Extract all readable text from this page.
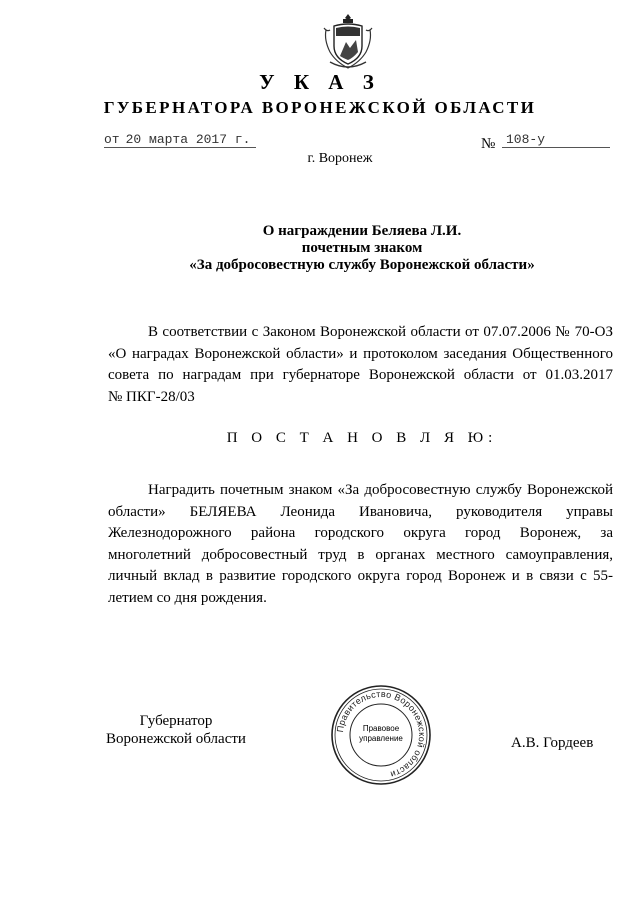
У К А З
ГУБЕРНАТОРА ВОРОНЕЖСКОЙ ОБЛАСТИ
от 20 марта 2017 г.	№ 108-у
г. Воронеж
О награждении Беляева Л.И.
почетным знаком
«За добросовестную службу Воронежской области»
В соответствии с Законом Воронежской области от 07.07.2006 № 70-ОЗ
«О наградах Воронежской области» и протоколом заседания Общественного
совета по наградам при губернаторе Воронежской области от 01.03.2017
№ ПКГ-28/03
П О С Т А Н О В Л Я Ю:
Наградить почетным знаком «За добросовестную службу Воронежской
области» БЕЛЯЕВА Леонида Ивановича, руководителя управы
Железнодорожного района городского округа город Воронеж, за
многолетний добросовестный труд в органах местного самоуправления,
личный вклад в развитие городского округа город Воронеж и в связи с 55-
летием со дня рождения.
Губернатор
Воронежской области
Правительство Воронежской области
Правовое
управление	А.В. Гордеев
